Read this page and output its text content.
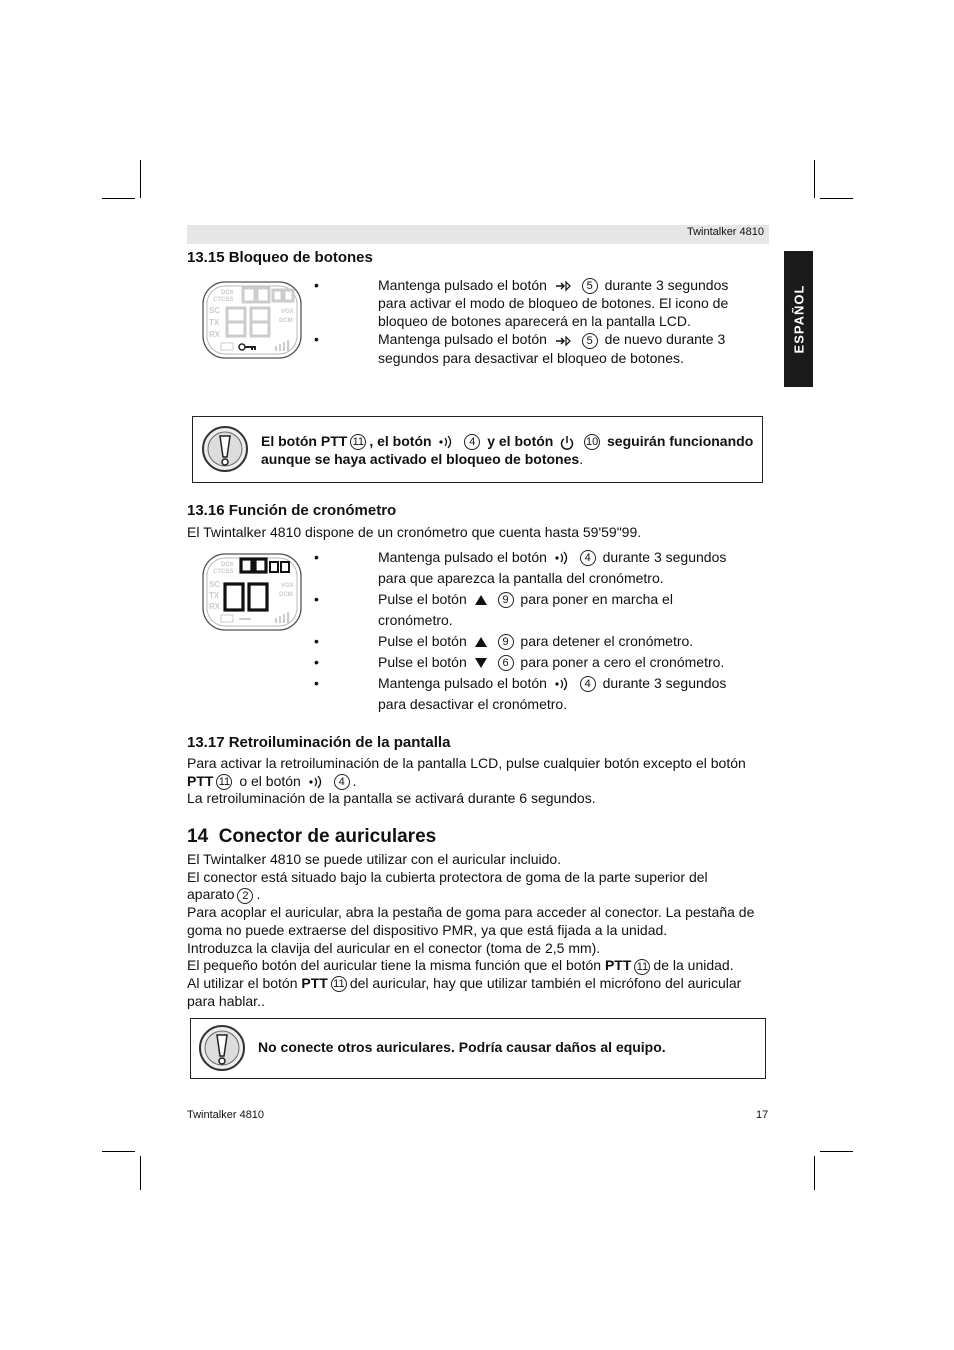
Twintalker 4810
ESPAÑOL
13.15 Bloqueo de botones
DCS
CTCSS
SC
TX
RX
VOX
DCM
• Mantenga pulsado el botón	5 durante 3 segundos para activar el modo de bloqueo de botones. El icono de bloqueo de botones aparecerá en la pantalla LCD.
• Mantenga pulsado el botón	5 de nuevo durante 3 segundos para desactivar el bloqueo de botones.

El botón PTT 11 , el botón	4 y el botón	10 seguirán funcionando
aunque se haya activado el bloqueo de botones.

13.16 Función de cronómetro

El Twintalker 4810 dispone de un cronómetro que cuenta hasta 59'59"99.

DCS
CTCSS
SC
TX
RX
VOX
DCM
• Mantenga pulsado el botón	4 durante 3 segundos
para que aparezca la pantalla del cronómetro.
• Pulse el botón	9 para poner en marcha el
cronómetro.
• Pulse el botón	9 para detener el cronómetro.
• Pulse el botón	6 para poner a cero el cronómetro.
• Mantenga pulsado el botón	4 durante 3 segundos
para desactivar el cronómetro.
13.17 Retroiluminación de la pantalla

Para activar la retroiluminación de la pantalla LCD, pulse cualquier botón excepto el botón
PTT 11 o el botón	4 .
La retroiluminación de la pantalla se activará durante 6 segundos.

14  Conector de auriculares

El Twintalker 4810 se puede utilizar con el auricular incluido.
El conector está situado bajo la cubierta protectora de goma de la parte superior del
aparato 2 .
Para acoplar el auricular, abra la pestaña de goma para acceder al conector. La pestaña de
goma no puede extraerse del dispositivo PMR, ya que está fijada a la unidad.
Introduzca la clavija del auricular en el conector (toma de 2,5 mm).
El pequeño botón del auricular tiene la misma función que el botón PTT 11 de la unidad.
Al utilizar el botón PTT 11 del auricular, hay que utilizar también el micrófono del auricular
para hablar..

No conecte otros auriculares. Podría causar daños al equipo.

Twintalker 4810	17
